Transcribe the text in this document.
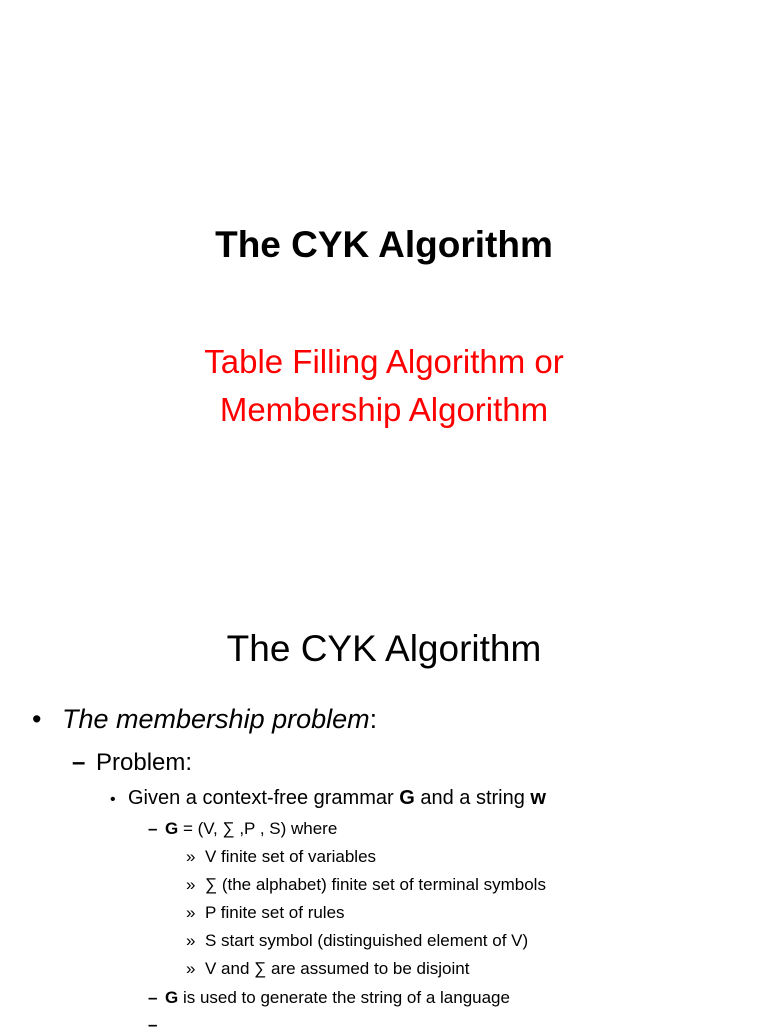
The CYK Algorithm
Table Filling Algorithm or
Membership Algorithm
The CYK Algorithm
• The membership problem:
– Problem:
• Given a context-free grammar G and a string w
– G = (V, ∑ ,P , S) where
» V finite set of variables
» ∑ (the alphabet) finite set of terminal symbols
» P finite set of rules
» S start symbol (distinguished element of V)
» V and ∑ are assumed to be disjoint
– G is used to generate the string of a language
–
